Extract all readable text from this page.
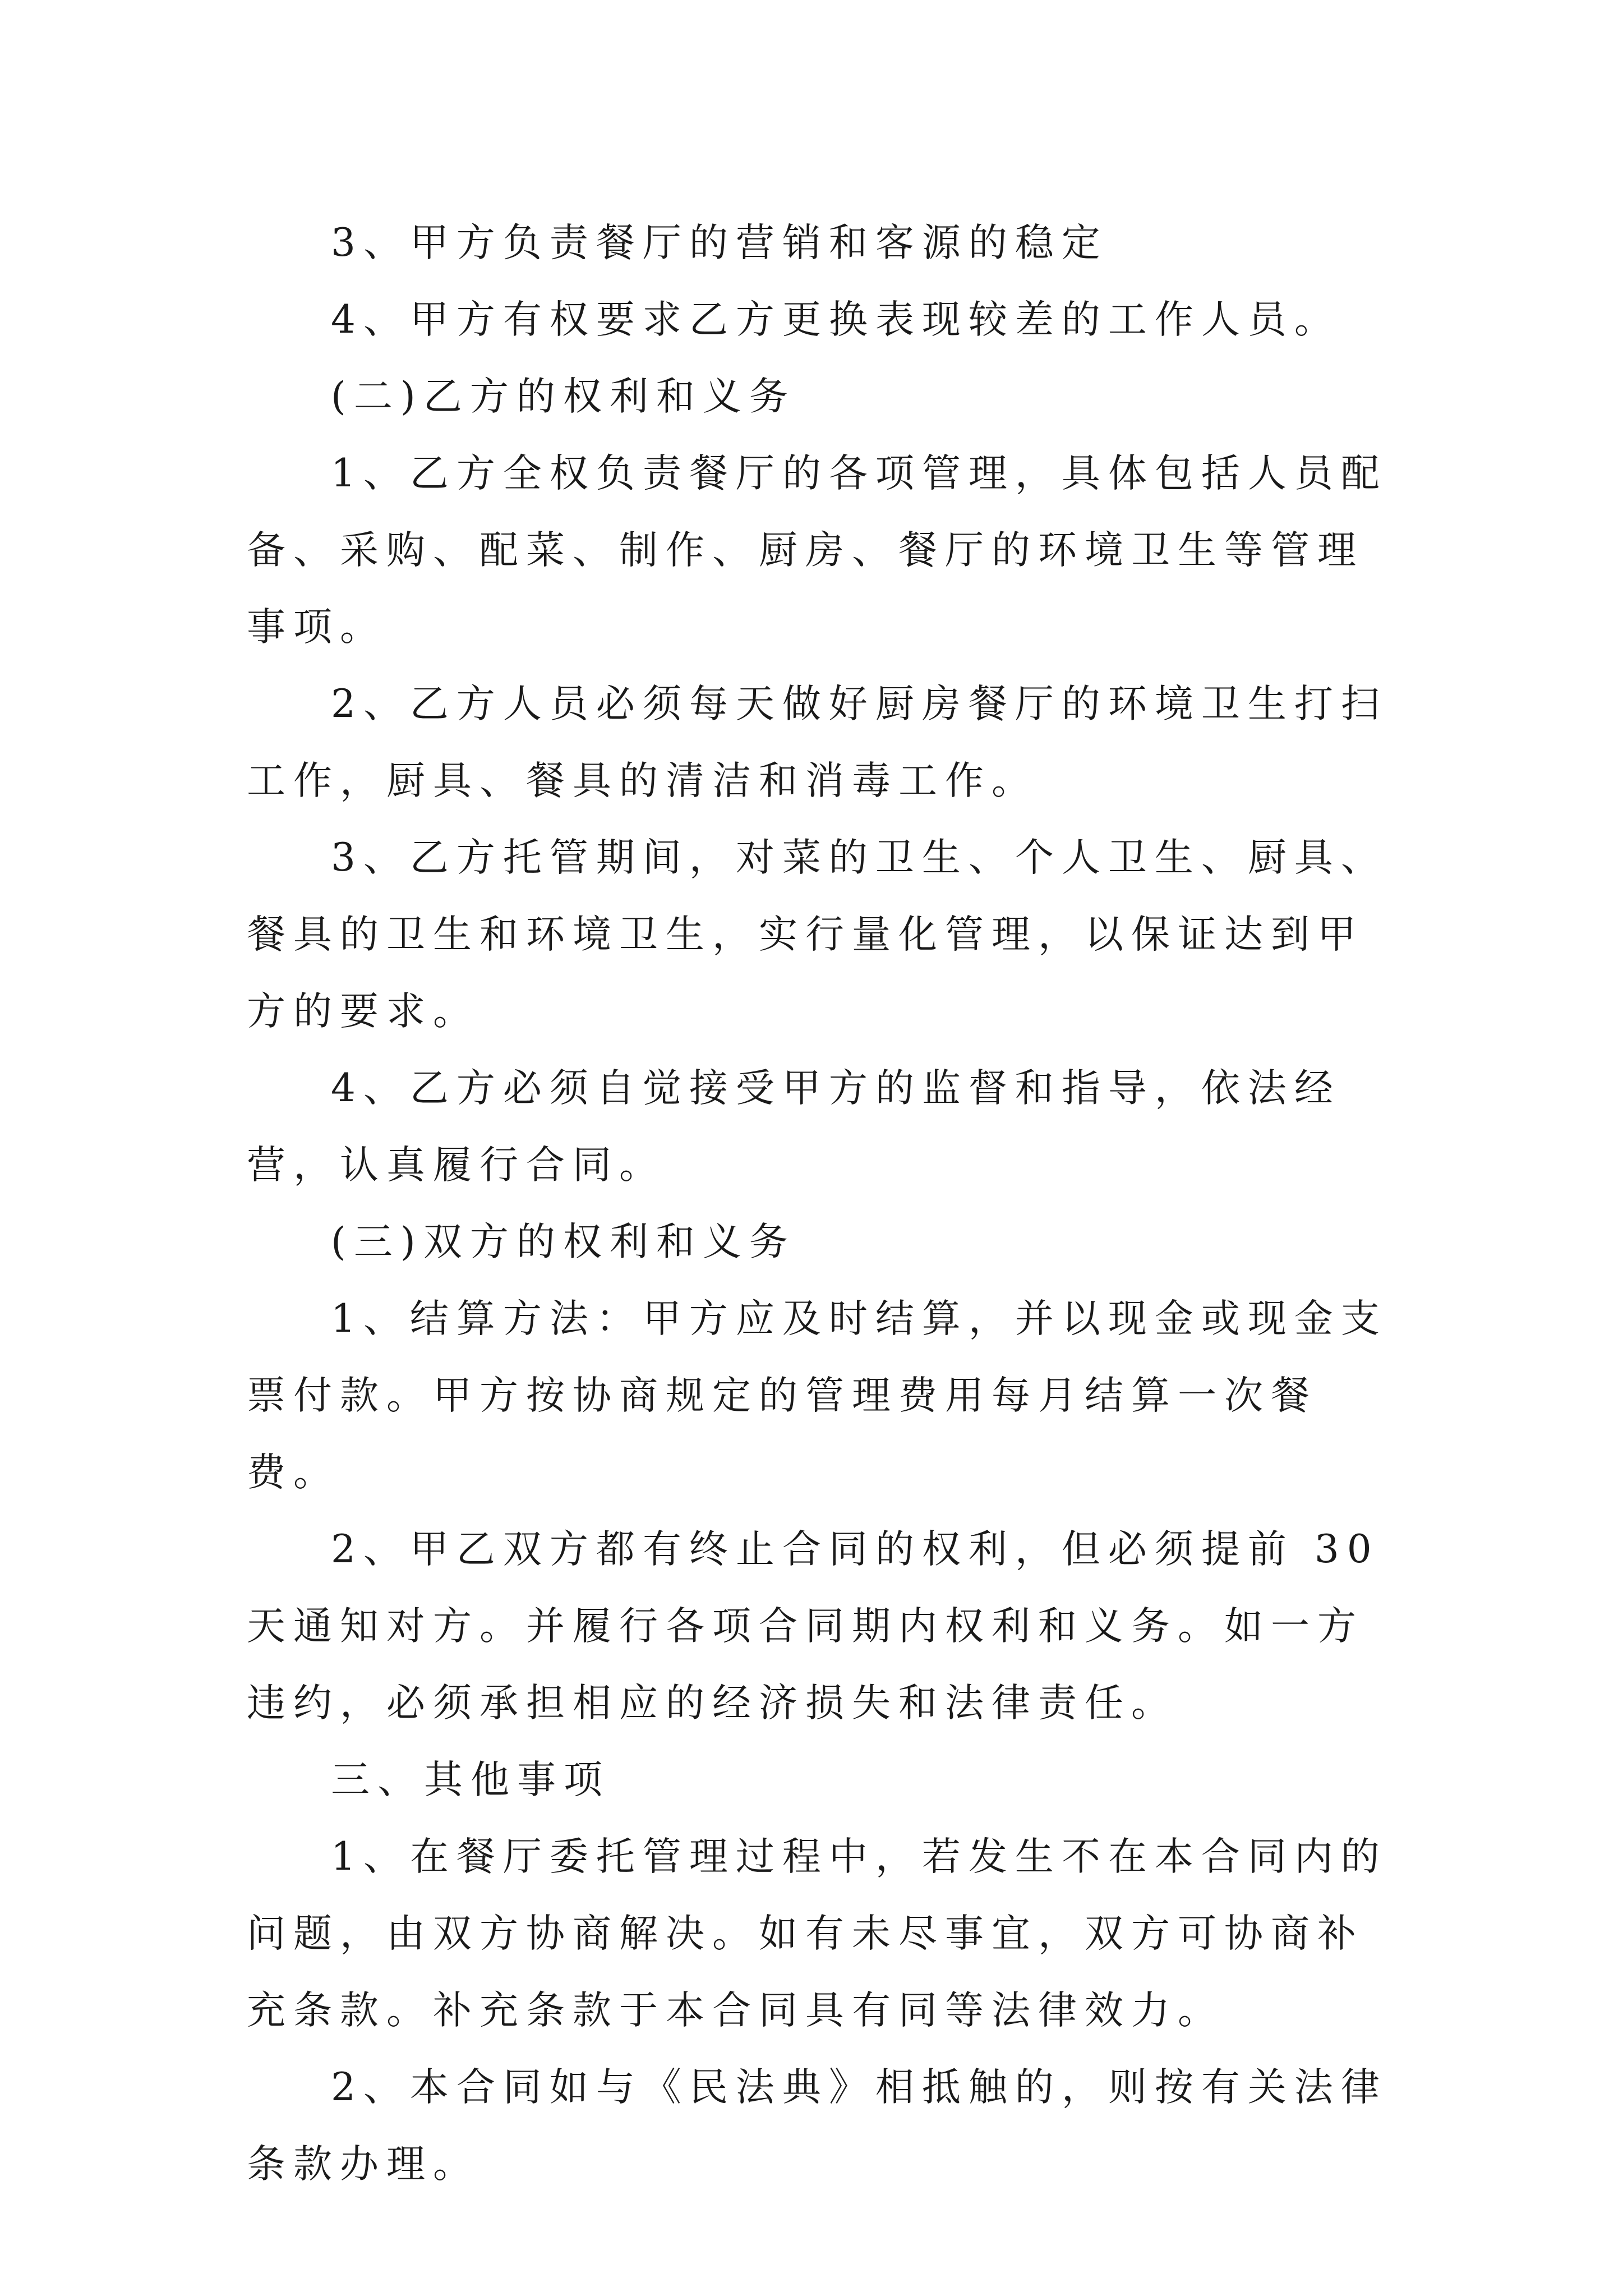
3、甲方负责餐厅的营销和客源的稳定

4、甲方有权要求乙方更换表现较差的工作人员。

(二)乙方的权利和义务

1、乙方全权负责餐厅的各项管理，具体包括人员配备、采购、配菜、制作、厨房、餐厅的环境卫生等管理事项。

2、乙方人员必须每天做好厨房餐厅的环境卫生打扫工作，厨具、餐具的清洁和消毒工作。

3、乙方托管期间，对菜的卫生、个人卫生、厨具、餐具的卫生和环境卫生，实行量化管理，以保证达到甲方的要求。

4、乙方必须自觉接受甲方的监督和指导，依法经营，认真履行合同。

(三)双方的权利和义务

1、结算方法：甲方应及时结算，并以现金或现金支票付款。甲方按协商规定的管理费用每月结算一次餐费。

2、甲乙双方都有终止合同的权利，但必须提前 30 天通知对方。并履行各项合同期内权利和义务。如一方违约，必须承担相应的经济损失和法律责任。

三、其他事项

1、在餐厅委托管理过程中，若发生不在本合同内的问题，由双方协商解决。如有未尽事宜，双方可协商补充条款。补充条款于本合同具有同等法律效力。

2、本合同如与《民法典》相抵触的，则按有关法律条款办理。
